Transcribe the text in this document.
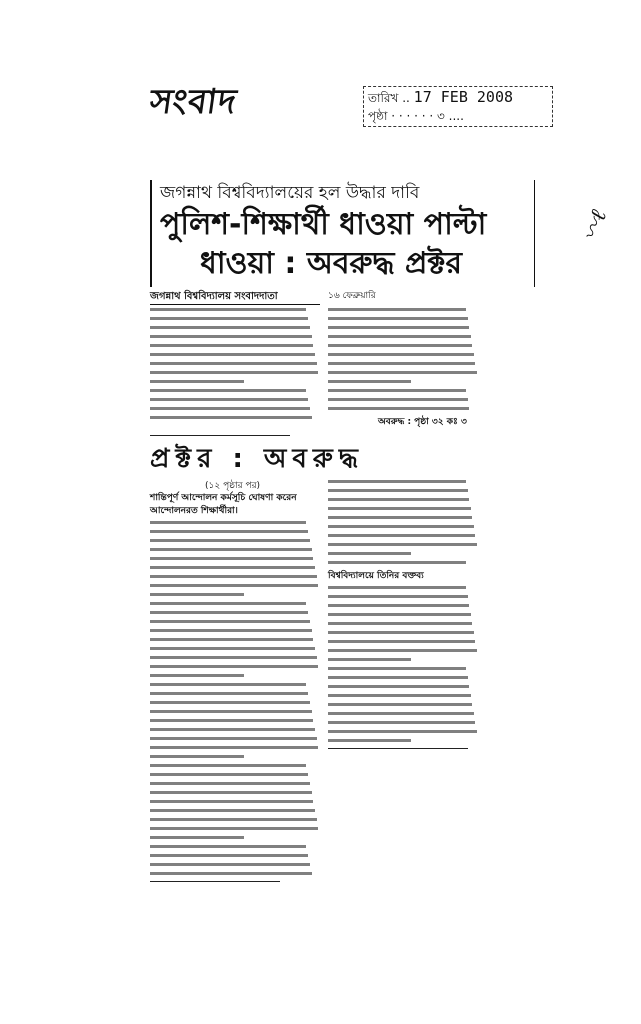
সংবাদ	তারিখ .. 17 FEB 2008
পৃষ্ঠা · · · · · · ৩ ....
〰ℓ
জগন্নাথ বিশ্ববিদ্যালয়ের হল উদ্ধার দাবি
পুলিশ-শিক্ষার্থী ধাওয়া পাল্টা
ধাওয়া : অবরুদ্ধ প্রক্টর
জগন্নাথ বিশ্ববিদ্যালয় সংবাদদাতা	১৬ ফেব্রুয়ারি
অবরুদ্ধ : পৃষ্ঠা ৩২ কঃ ৩
প্রক্টর : অবরুদ্ধ
(১২ পৃষ্ঠার পর)
শান্তিপূর্ণ আন্দোলন কর্মসূচি ঘোষণা করেন আন্দোলনরত শিক্ষার্থীরা।
বিশ্ববিদ্যালয়ে তিনির বক্তব্য
